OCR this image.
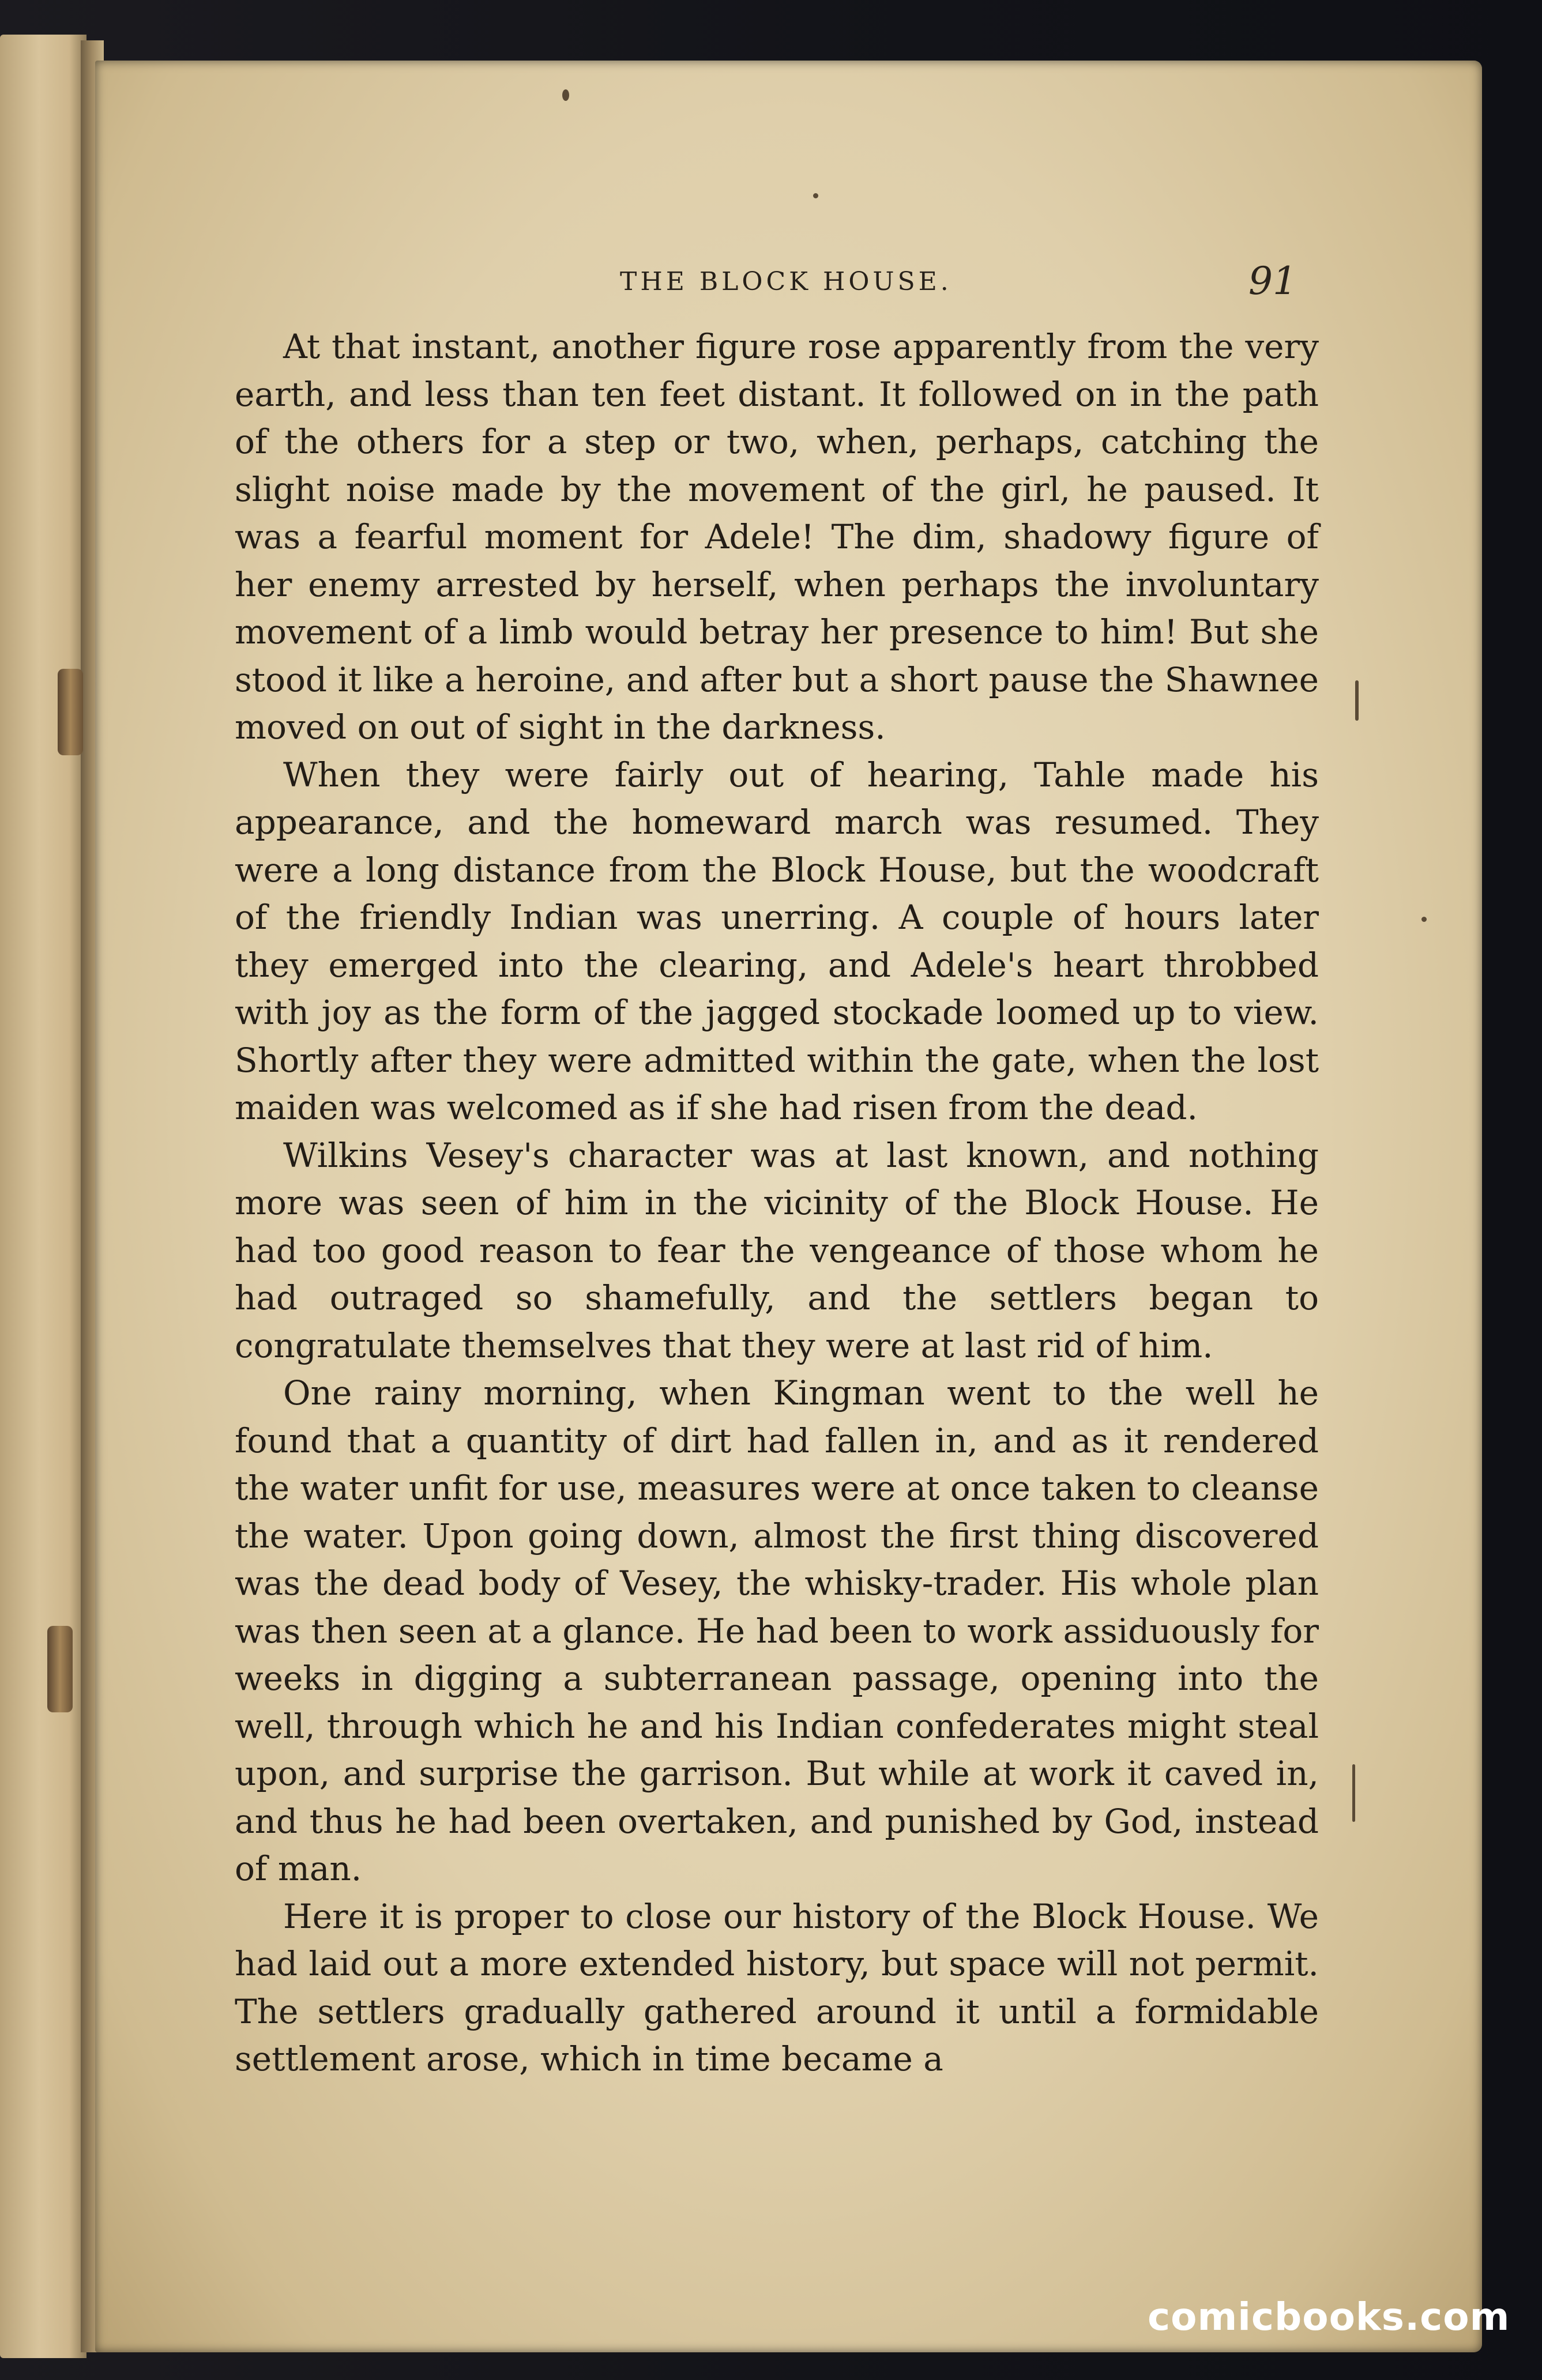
THE BLOCK HOUSE.	91

At that instant, another figure rose apparently from the very earth, and less than ten feet distant. It followed on in the path of the others for a step or two, when, perhaps, catching the slight noise made by the movement of the girl, he paused. It was a fearful moment for Adele! The dim, shadowy figure of her enemy arrested by herself, when perhaps the involuntary movement of a limb would betray her presence to him! But she stood it like a heroine, and after but a short pause the Shawnee moved on out of sight in the darkness.

When they were fairly out of hearing, Tahle made his appearance, and the homeward march was resumed. They were a long distance from the Block House, but the woodcraft of the friendly Indian was unerring. A couple of hours later they emerged into the clearing, and Adele's heart throbbed with joy as the form of the jagged stockade loomed up to view. Shortly after they were admitted within the gate, when the lost maiden was welcomed as if she had risen from the dead.

Wilkins Vesey's character was at last known, and nothing more was seen of him in the vicinity of the Block House. He had too good reason to fear the vengeance of those whom he had outraged so shamefully, and the settlers began to congratulate themselves that they were at last rid of him.

One rainy morning, when Kingman went to the well he found that a quantity of dirt had fallen in, and as it rendered the water unfit for use, measures were at once taken to cleanse the water. Upon going down, almost the first thing discovered was the dead body of Vesey, the whisky-trader. His whole plan was then seen at a glance. He had been to work assiduously for weeks in digging a subterranean passage, opening into the well, through which he and his Indian confederates might steal upon, and surprise the garrison. But while at work it caved in, and thus he had been overtaken, and punished by God, instead of man.

Here it is proper to close our history of the Block House. We had laid out a more extended history, but space will not permit. The settlers gradually gathered around it until a formidable settlement arose, which in time became a

comicbooks.com
